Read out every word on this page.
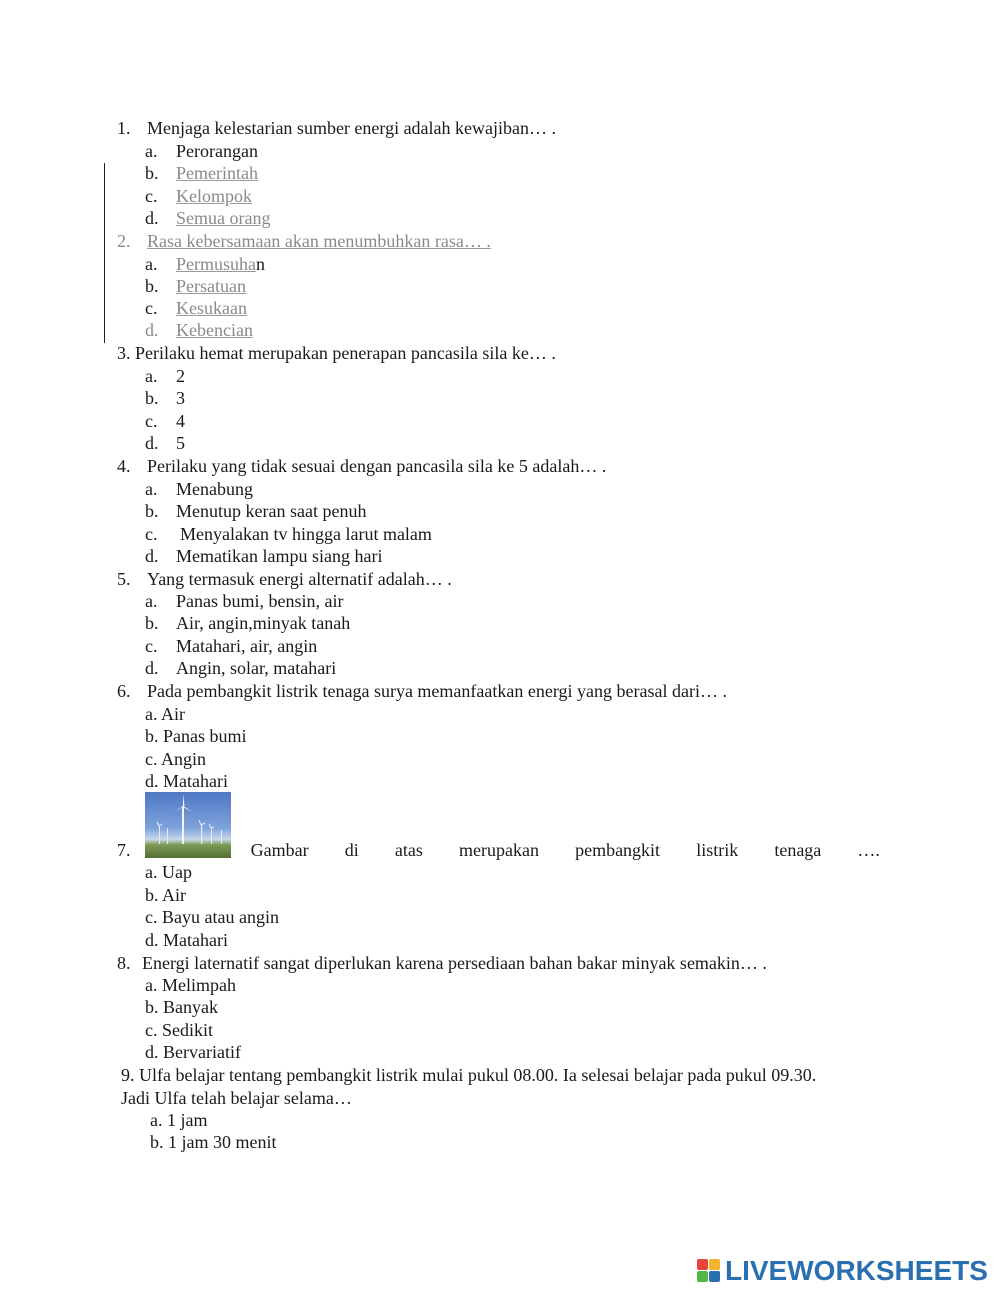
1. Menjaga kelestarian sumber energi adalah kewajiban… .
a. Perorangan
b. Pemerintah
c. Kelompok
d. Semua orang
2. Rasa kebersamaan akan menumbuhkan rasa… .
a. Permusuhan
b. Persatuan
c. Kesukaan
d. Kebencian
3. Perilaku hemat merupakan penerapan pancasila sila ke… .
a. 2
b. 3
c. 4
d. 5
4. Perilaku yang tidak sesuai dengan pancasila sila ke 5 adalah… .
a. Menabung
b. Menutup keran saat penuh
c. Menyalakan tv hingga larut malam
d. Mematikan lampu siang hari
5. Yang termasuk energi alternatif adalah… .
a. Panas bumi, bensin, air
b. Air, angin,minyak tanah
c. Matahari, air, angin
d. Angin, solar, matahari
6. Pada pembangkit listrik tenaga surya memanfaatkan energi yang berasal dari… .
a. Air
b. Panas bumi
c. Angin
d. Matahari
7.	Gambar di atas merupakan pembangkit listrik tenaga ….
a. Uap
b. Air
c. Bayu atau angin
d. Matahari
8. Energi laternatif sangat diperlukan karena persediaan bahan bakar minyak semakin… .
a. Melimpah
b. Banyak
c. Sedikit
d. Bervariatif
9. Ulfa belajar tentang pembangkit listrik mulai pukul 08.00. Ia selesai belajar pada pukul 09.30.
Jadi Ulfa telah belajar selama…
a. 1 jam
b. 1 jam 30 menit
LIVEWORKSHEETS
